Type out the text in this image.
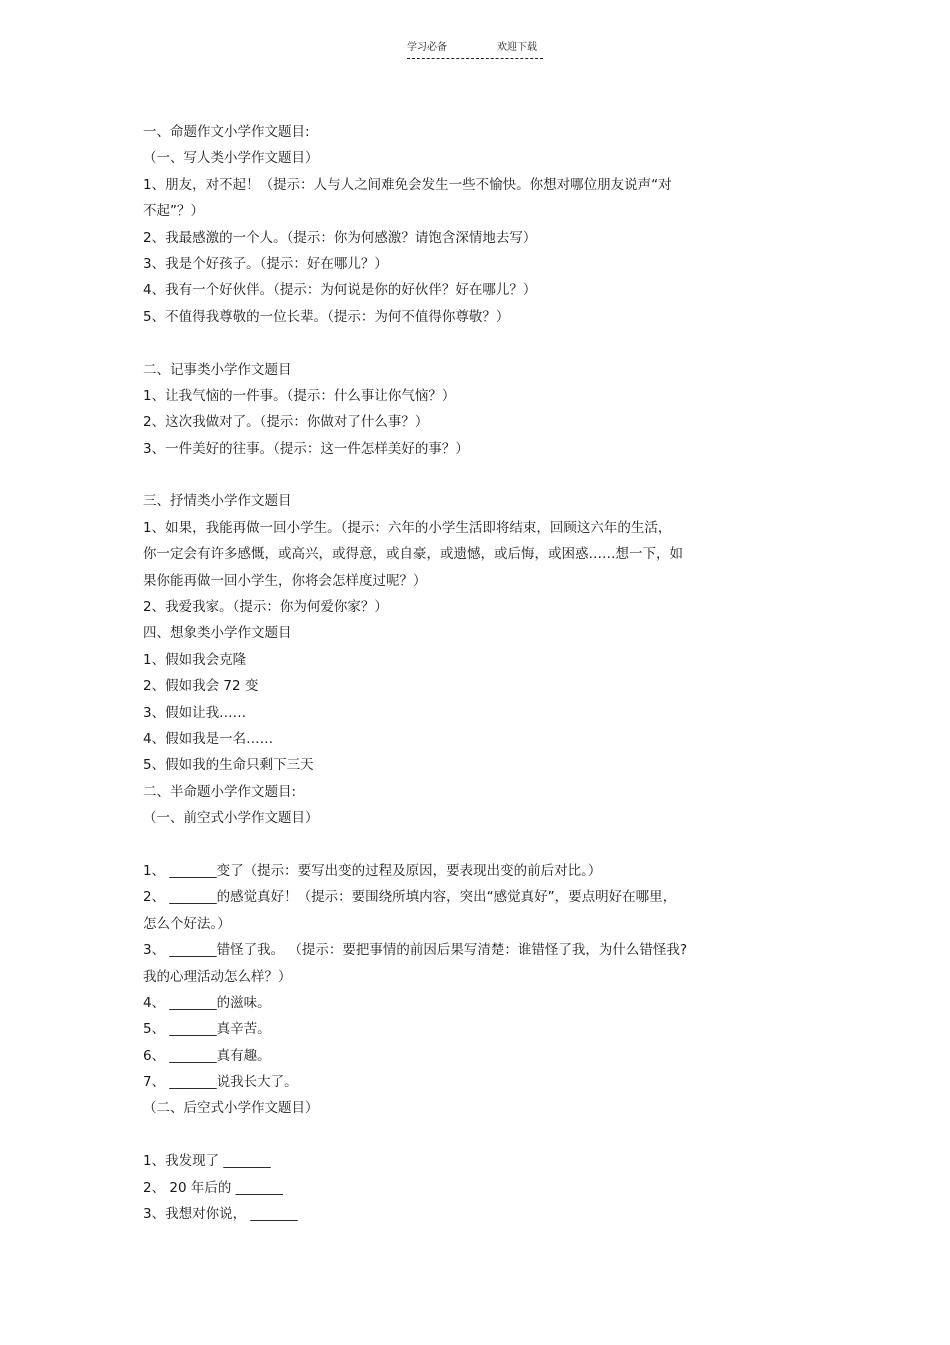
学习必备	欢迎下载
一、命题作文小学作文题目:
（一、写人类小学作文题目）
1、朋友，对不起！（提示：人与人之间难免会发生一些不愉快。你想对哪位朋友说声“对
不起”？）
2、我最感激的一个人。（提示：你为何感激？请饱含深情地去写）
3、我是个好孩子。（提示：好在哪儿？）
4、我有一个好伙伴。（提示：为何说是你的好伙伴？好在哪儿？）
5、不值得我尊敬的一位长辈。（提示：为何不值得你尊敬？）
二、记事类小学作文题目
1、让我气恼的一件事。（提示：什么事让你气恼？）
2、这次我做对了。（提示：你做对了什么事？）
3、一件美好的往事。（提示：这一件怎样美好的事？）
三、抒情类小学作文题目
1、如果，我能再做一回小学生。（提示：六年的小学生活即将结束，回顾这六年的生活，
你一定会有许多感慨，或高兴，或得意，或自豪，或遗憾，或后悔，或困惑……想一下，如
果你能再做一回小学生，你将会怎样度过呢？）
2、我爱我家。（提示：你为何爱你家？）
四、想象类小学作文题目
1、假如我会克隆
2、假如我会 72 变
3、假如让我……
4、假如我是一名……
5、假如我的生命只剩下三天
二、半命题小学作文题目:
（一、前空式小学作文题目）
1、 _______变了（提示：要写出变的过程及原因，要表现出变的前后对比。）
2、 _______的感觉真好！（提示：要围绕所填内容，突出“感觉真好”，要点明好在哪里，
怎么个好法。）
3、 _______错怪了我。 （提示：要把事情的前因后果写清楚：谁错怪了我，为什么错怪我?
我的心理活动怎么样？）
4、 _______的滋味。
5、 _______真辛苦。
6、 _______真有趣。
7、 _______说我长大了。
（二、后空式小学作文题目）
1、我发现了 _______
2、 20 年后的 _______
3、我想对你说， _______
